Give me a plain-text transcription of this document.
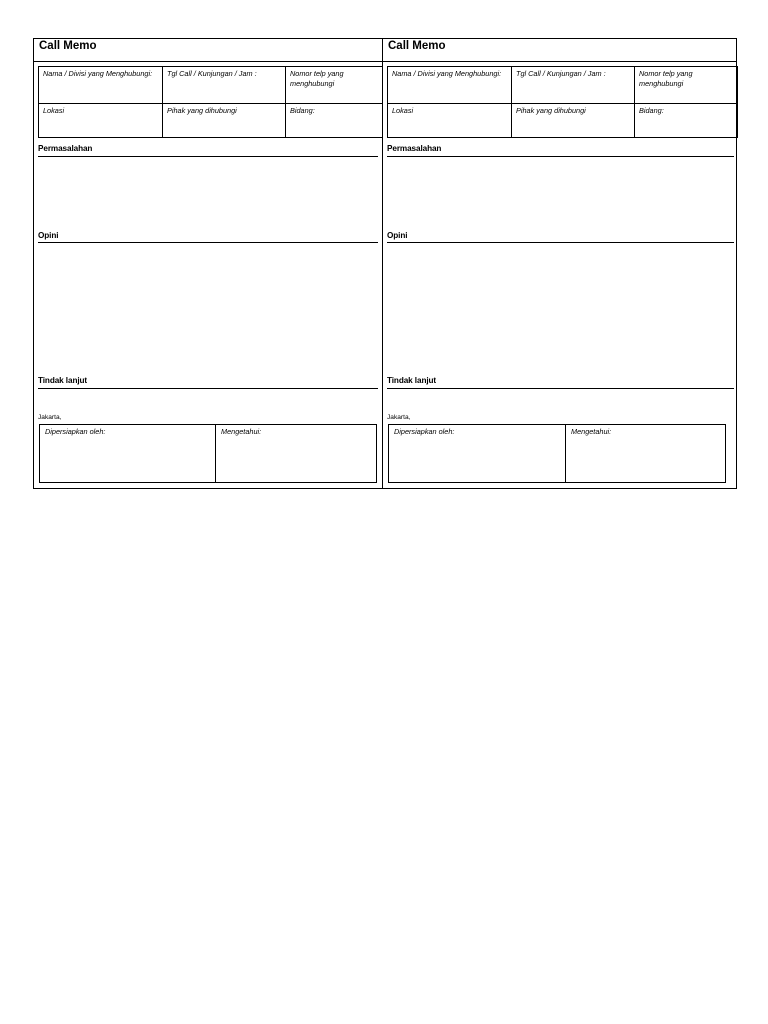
Call Memo
Nama / Divisi yang Menghubungi:	Tgl Call / Kunjungan / Jam :	Nomor telp yang menghubungi
Lokasi	Pihak yang dihubungi	Bidang:
Permasalahan
Opini
Tindak lanjut
Jakarta,
Dipersiapkan oleh:	Mengetahui:
Call Memo
Nama / Divisi yang Menghubungi:	Tgl Call / Kunjungan / Jam :	Nomor telp yang menghubungi
Lokasi	Pihak yang dihubungi	Bidang:
Permasalahan
Opini
Tindak lanjut
Jakarta,
Dipersiapkan oleh:	Mengetahui:
